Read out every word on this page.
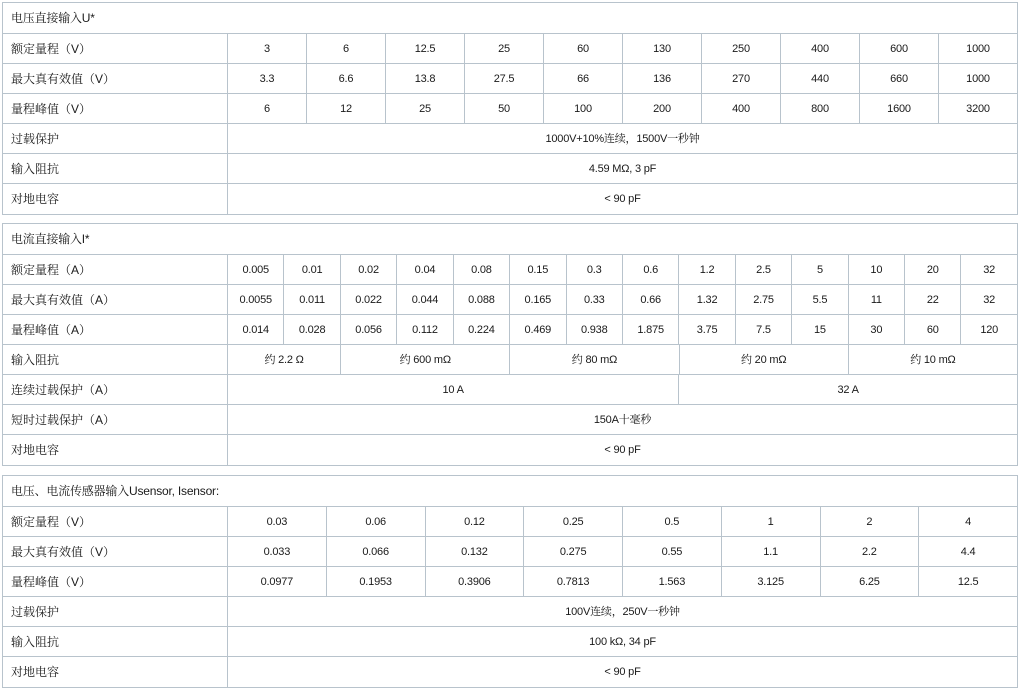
电压直接输入U*
额定量程（V）	3	6	12.5	25	60	130	250	400	600	1000
最大真有效值（V）	3.3	6.6	13.8	27.5	66	136	270	440	660	1000
量程峰值（V）	6	12	25	50	100	200	400	800	1600	3200
过载保护	1000V+10%连续，1500V一秒钟
输入阻抗	4.59 MΩ, 3 pF
对地电容	< 90 pF
电流直接输入I*
额定量程（A）	0.005	0.01	0.02	0.04	0.08	0.15	0.3	0.6	1.2	2.5	5	10	20	32
最大真有效值（A）	0.0055	0.011	0.022	0.044	0.088	0.165	0.33	0.66	1.32	2.75	5.5	11	22	32
量程峰值（A）	0.014	0.028	0.056	0.112	0.224	0.469	0.938	1.875	3.75	7.5	15	30	60	120
输入阻抗	约 2.2 Ω	约 600 mΩ	约 80 mΩ	约 20 mΩ	约 10 mΩ
连续过载保护（A）	10 A	32 A
短时过载保护（A）	150A十毫秒
对地电容	< 90 pF
电压、电流传感器输入Usensor, Isensor:
额定量程（V）	0.03	0.06	0.12	0.25	0.5	1	2	4
最大真有效值（V）	0.033	0.066	0.132	0.275	0.55	1.1	2.2	4.4
量程峰值（V）	0.0977	0.1953	0.3906	0.7813	1.563	3.125	6.25	12.5
过载保护	100V连续，250V一秒钟
输入阻抗	100 kΩ, 34 pF
对地电容	< 90 pF
